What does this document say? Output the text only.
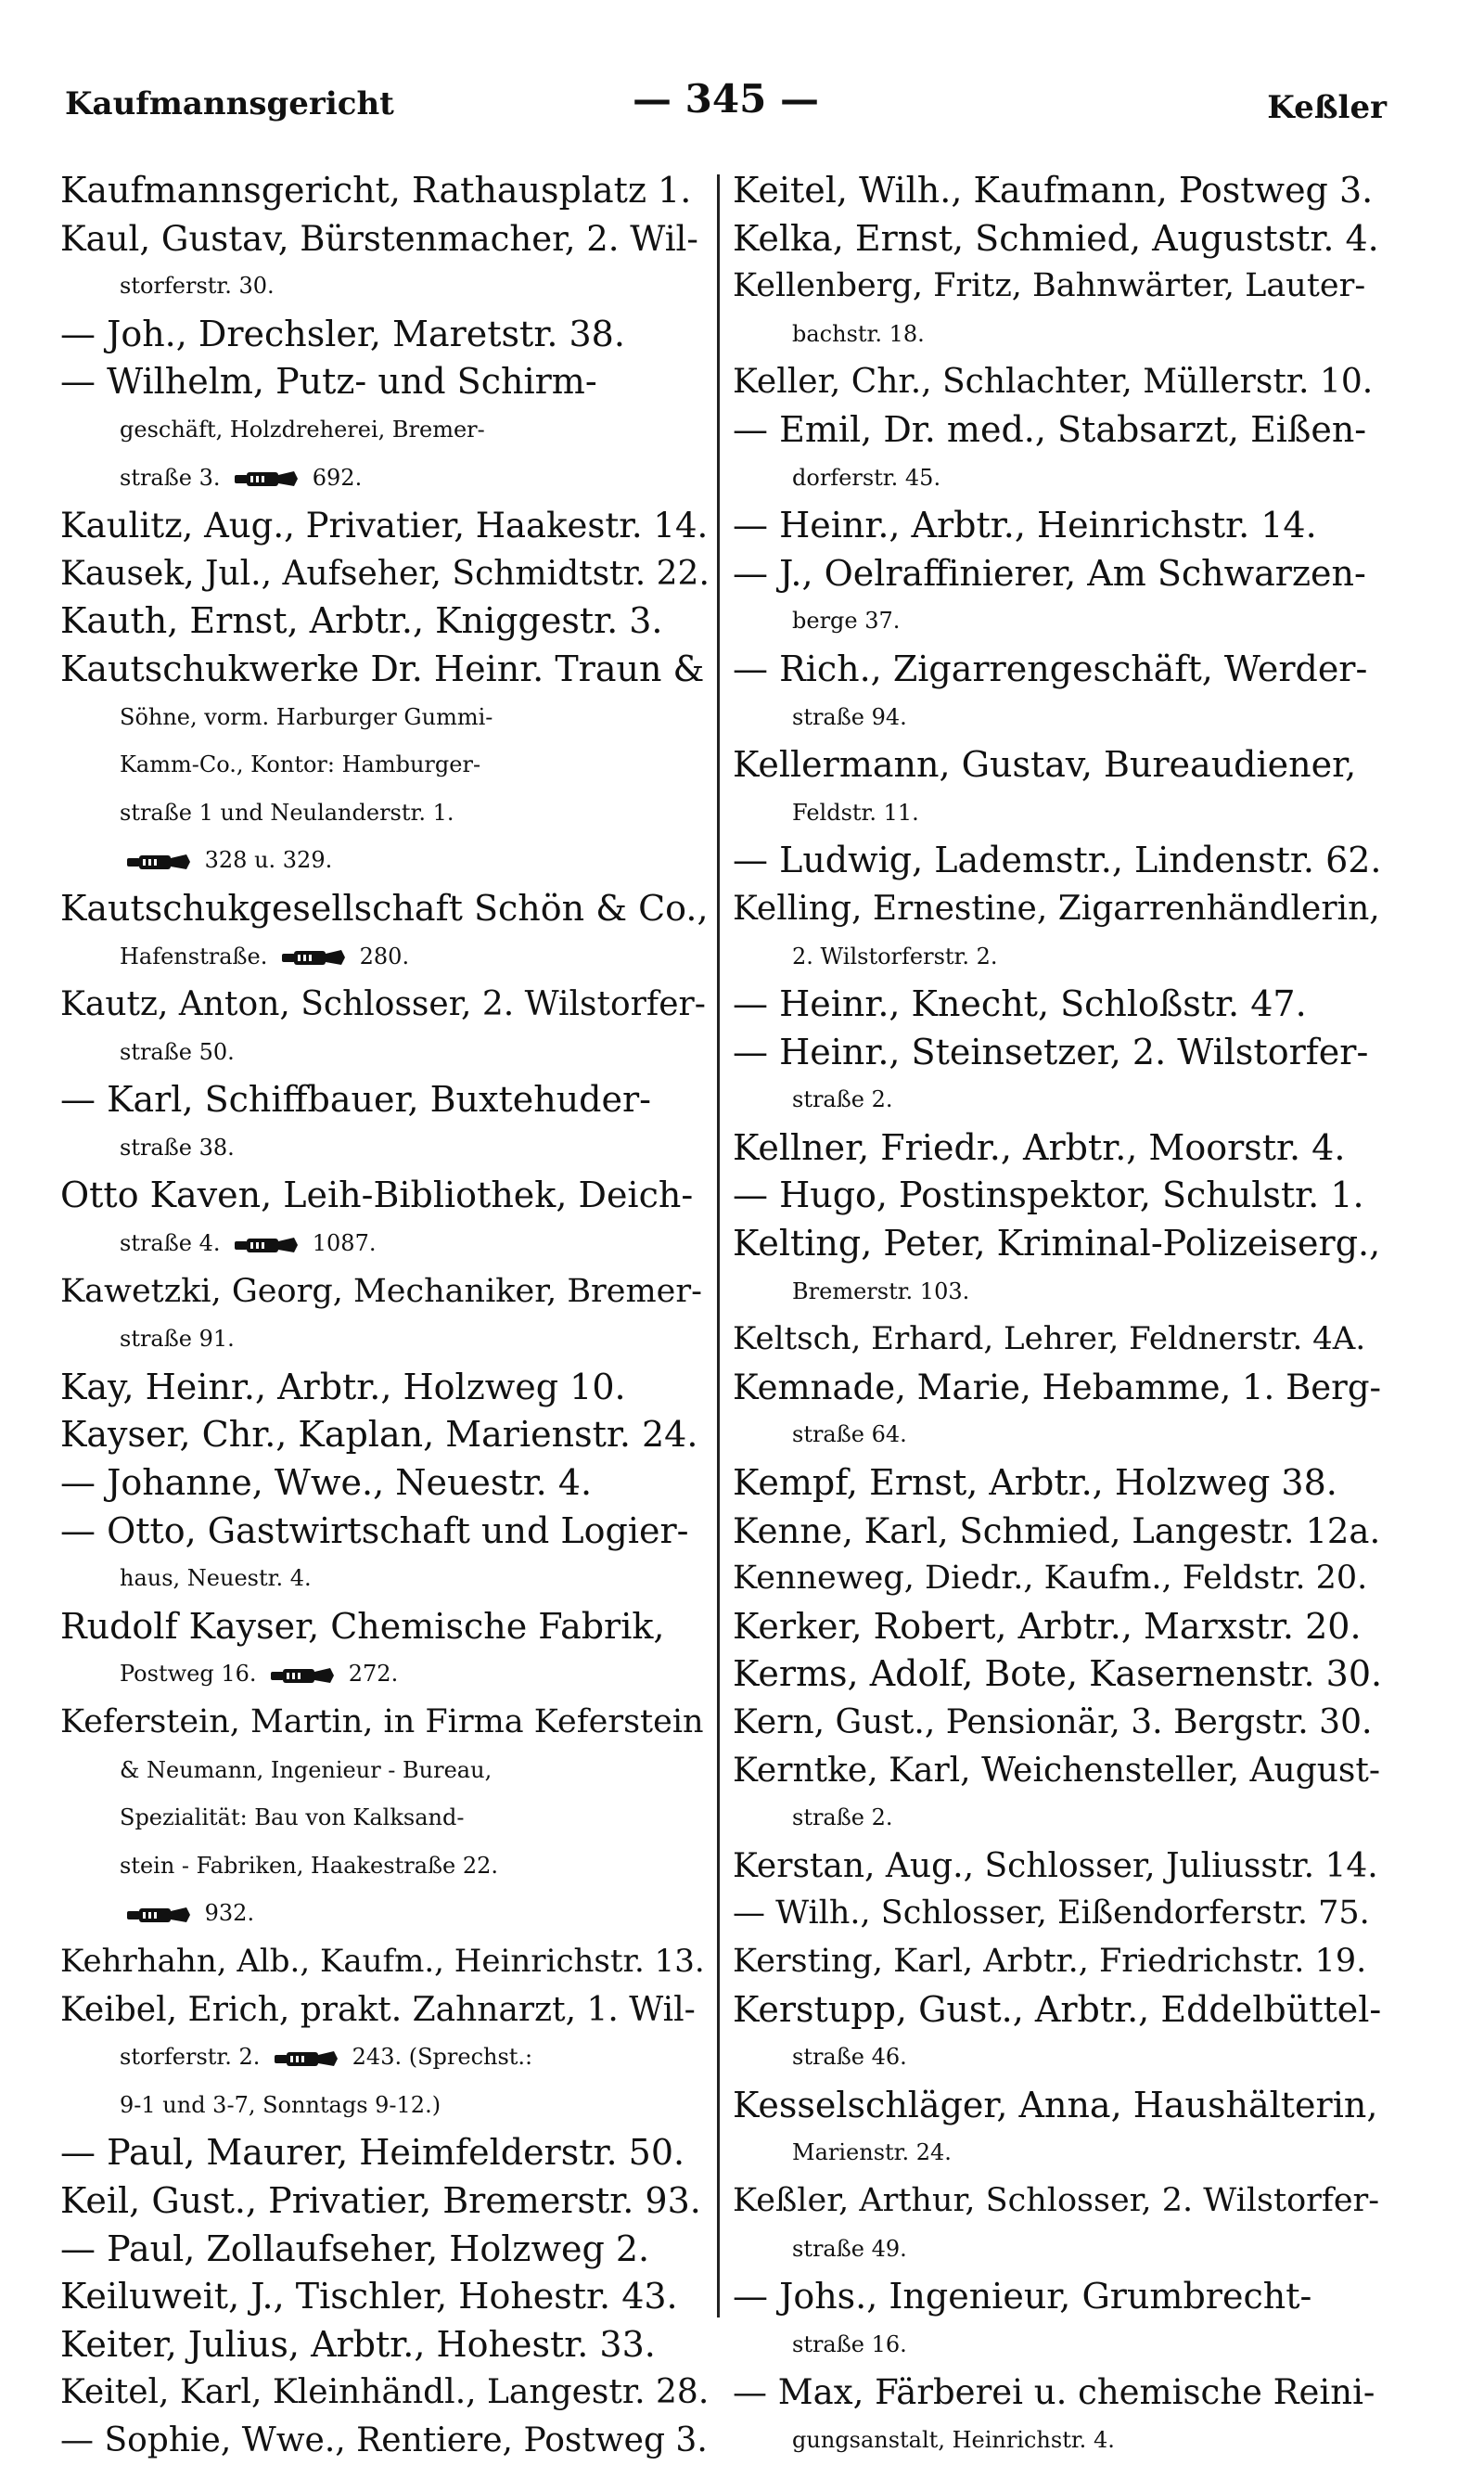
Kaufmannsgericht	— 345 —	Keßler
Kaufmannsgericht, Rathausplatz 1.
Kaul, Gustav, Bürstenmacher, 2. Wil-
storferstr. 30.
— Joh., Drechsler, Maretstr. 38.
— Wilhelm, Putz- und Schirm-
geschäft, Holzdreherei, Bremer-
straße 3.	692.
Kaulitz, Aug., Privatier, Haakestr. 14.
Kausek, Jul., Aufseher, Schmidtstr. 22.
Kauth, Ernst, Arbtr., Kniggestr. 3.
Kautschukwerke Dr. Heinr. Traun &
Söhne, vorm. Harburger Gummi-
Kamm-Co., Kontor: Hamburger-
straße 1 und Neulanderstr. 1.
328 u. 329.
Kautschukgesellschaft Schön & Co.,
Hafenstraße.	280.
Kautz, Anton, Schlosser, 2. Wilstorfer-
straße 50.
— Karl, Schiffbauer, Buxtehuder-
straße 38.
Otto Kaven, Leih-Bibliothek, Deich-
straße 4.	1087.
Kawetzki, Georg, Mechaniker, Bremer-
straße 91.
Kay, Heinr., Arbtr., Holzweg 10.
Kayser, Chr., Kaplan, Marienstr. 24.
— Johanne, Wwe., Neuestr. 4.
— Otto, Gastwirtschaft und Logier-
haus, Neuestr. 4.
Rudolf Kayser, Chemische Fabrik,
Postweg 16.	272.
Keferstein, Martin, in Firma Keferstein
& Neumann, Ingenieur - Bureau,
Spezialität: Bau von Kalksand-
stein - Fabriken, Haakestraße 22.
932.
Kehrhahn, Alb., Kaufm., Heinrichstr. 13.
Keibel, Erich, prakt. Zahnarzt, 1. Wil-
storferstr. 2.	243. (Sprechst.:
9-1 und 3-7, Sonntags 9-12.)
— Paul, Maurer, Heimfelderstr. 50.
Keil, Gust., Privatier, Bremerstr. 93.
— Paul, Zollaufseher, Holzweg 2.
Keiluweit, J., Tischler, Hohestr. 43.
Keiter, Julius, Arbtr., Hohestr. 33.
Keitel, Karl, Kleinhändl., Langestr. 28.
— Sophie, Wwe., Rentiere, Postweg 3.
Keitel, Wilh., Kaufmann, Postweg 3.
Kelka, Ernst, Schmied, Auguststr. 4.
Kellenberg, Fritz, Bahnwärter, Lauter-
bachstr. 18.
Keller, Chr., Schlachter, Müllerstr. 10.
— Emil, Dr. med., Stabsarzt, Eißen-
dorferstr. 45.
— Heinr., Arbtr., Heinrichstr. 14.
— J., Oelraffinierer, Am Schwarzen-
berge 37.
— Rich., Zigarrengeschäft, Werder-
straße 94.
Kellermann, Gustav, Bureaudiener,
Feldstr. 11.
— Ludwig, Lademstr., Lindenstr. 62.
Kelling, Ernestine, Zigarrenhändlerin,
2. Wilstorferstr. 2.
— Heinr., Knecht, Schloßstr. 47.
— Heinr., Steinsetzer, 2. Wilstorfer-
straße 2.
Kellner, Friedr., Arbtr., Moorstr. 4.
— Hugo, Postinspektor, Schulstr. 1.
Kelting, Peter, Kriminal-Polizeiserg.,
Bremerstr. 103.
Keltsch, Erhard, Lehrer, Feldnerstr. 4A.
Kemnade, Marie, Hebamme, 1. Berg-
straße 64.
Kempf, Ernst, Arbtr., Holzweg 38.
Kenne, Karl, Schmied, Langestr. 12a.
Kenneweg, Diedr., Kaufm., Feldstr. 20.
Kerker, Robert, Arbtr., Marxstr. 20.
Kerms, Adolf, Bote, Kasernenstr. 30.
Kern, Gust., Pensionär, 3. Bergstr. 30.
Kerntke, Karl, Weichensteller, August-
straße 2.
Kerstan, Aug., Schlosser, Juliusstr. 14.
— Wilh., Schlosser, Eißendorferstr. 75.
Kersting, Karl, Arbtr., Friedrichstr. 19.
Kerstupp, Gust., Arbtr., Eddelbüttel-
straße 46.
Kesselschläger, Anna, Haushälterin,
Marienstr. 24.
Keßler, Arthur, Schlosser, 2. Wilstorfer-
straße 49.
— Johs., Ingenieur, Grumbrecht-
straße 16.
— Max, Färberei u. chemische Reini-
gungsanstalt, Heinrichstr. 4.
